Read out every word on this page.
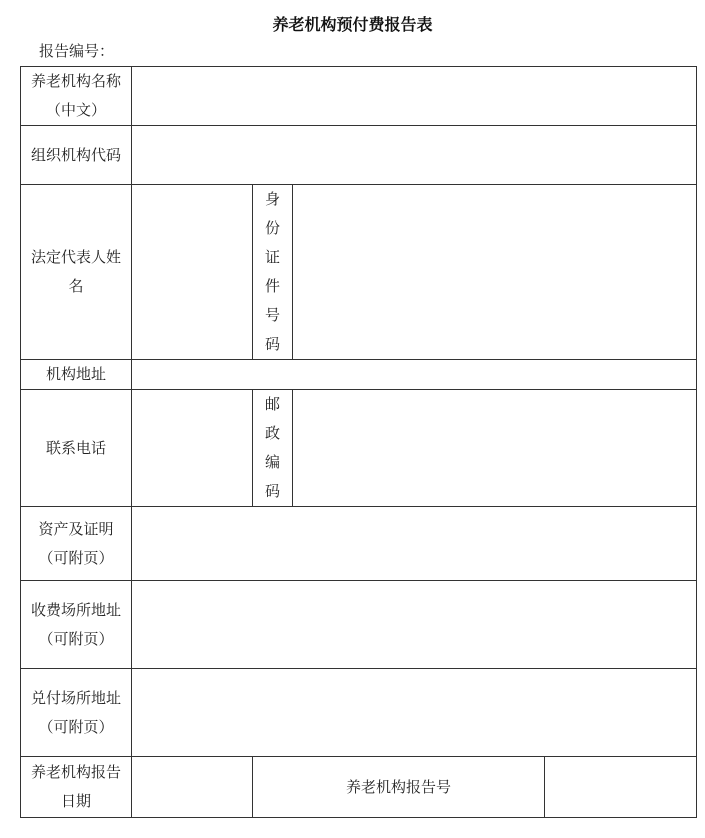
养老机构预付费报告表
报告编号：
养老机构名称（中文）
组织机构代码
法定代表人姓名
身份证件号码
机构地址
联系电话
邮政编码
资产及证明（可附页）
收费场所地址（可附页）
兑付场所地址（可附页）
养老机构报告日期
养老机构报告号
